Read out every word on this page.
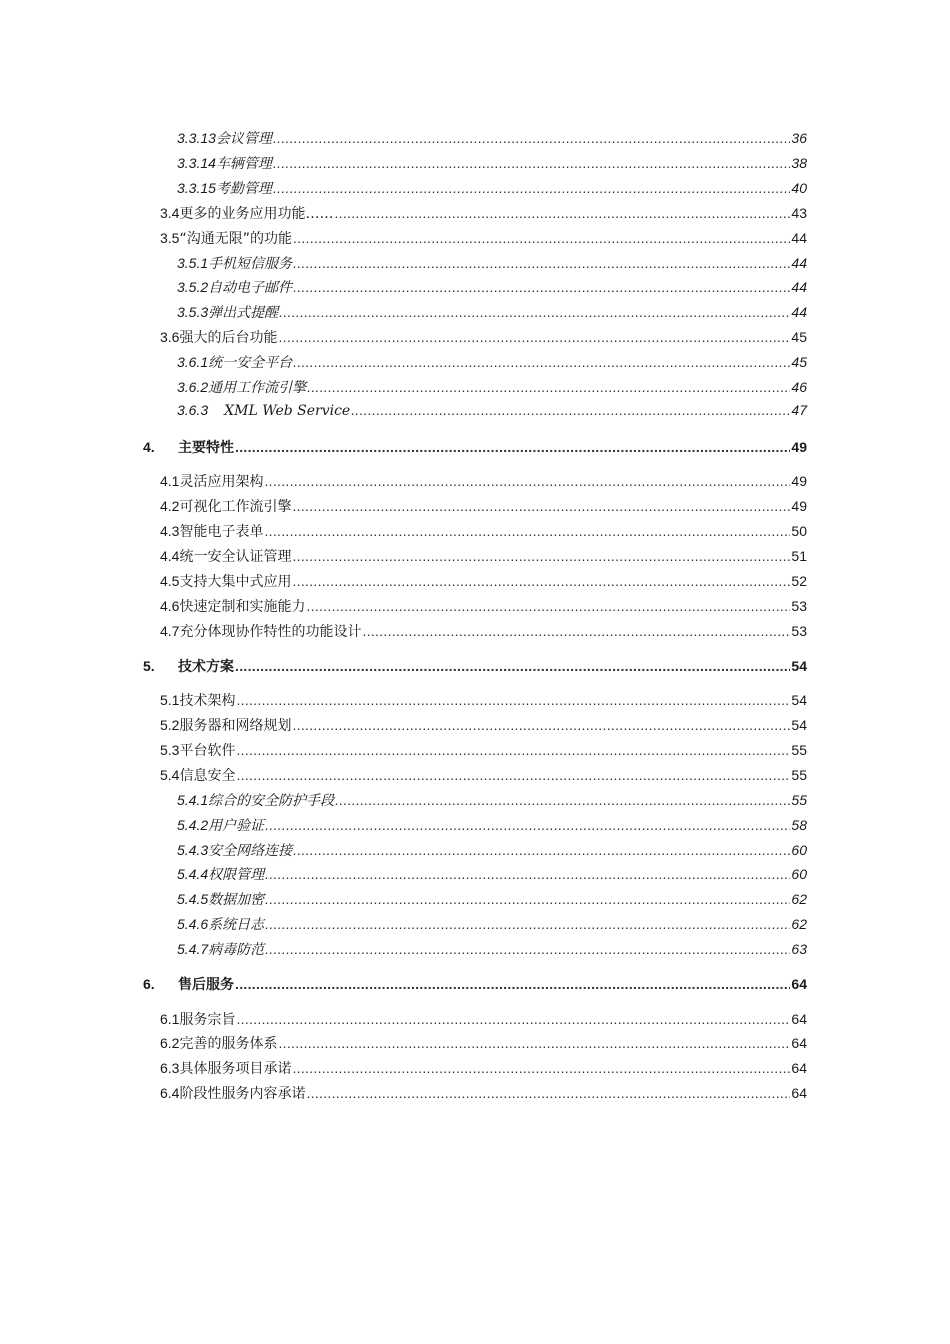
3.3.13 会议管理 .....	36
3.3.14 车辆管理 .....	38
3.3.15 考勤管理 .....	40
3.4 更多的业务应用功能…… .....	43
3.5 “沟通无限”的功能 .....	44
3.5.1 手机短信服务 .....	44
3.5.2 自动电子邮件 .....	44
3.5.3 弹出式提醒 .....	44
3.6 强大的后台功能 .....	45
3.6.1 统一安全平台 .....	45
3.6.2 通用工作流引擎 .....	46
3.6.3 XML Web Service .....	47
4.	主要特性 .....	49
4.1 灵活应用架构 .....	49
4.2 可视化工作流引擎 .....	49
4.3 智能电子表单 .....	50
4.4 统一安全认证管理 .....	51
4.5 支持大集中式应用 .....	52
4.6 快速定制和实施能力 .....	53
4.7 充分体现协作特性的功能设计 .....	53
5.	技术方案 .....	54
5.1 技术架构 .....	54
5.2 服务器和网络规划 .....	54
5.3 平台软件 .....	55
5.4 信息安全 .....	55
5.4.1 综合的安全防护手段 .....	55
5.4.2 用户验证 .....	58
5.4.3 安全网络连接 .....	60
5.4.4 权限管理 .....	60
5.4.5 数据加密 .....	62
5.4.6 系统日志 .....	62
5.4.7 病毒防范 .....	63
6.	售后服务 .....	64
6.1 服务宗旨 .....	64
6.2 完善的服务体系 .....	64
6.3 具体服务项目承诺 .....	64
6.4 阶段性服务内容承诺 .....	64
